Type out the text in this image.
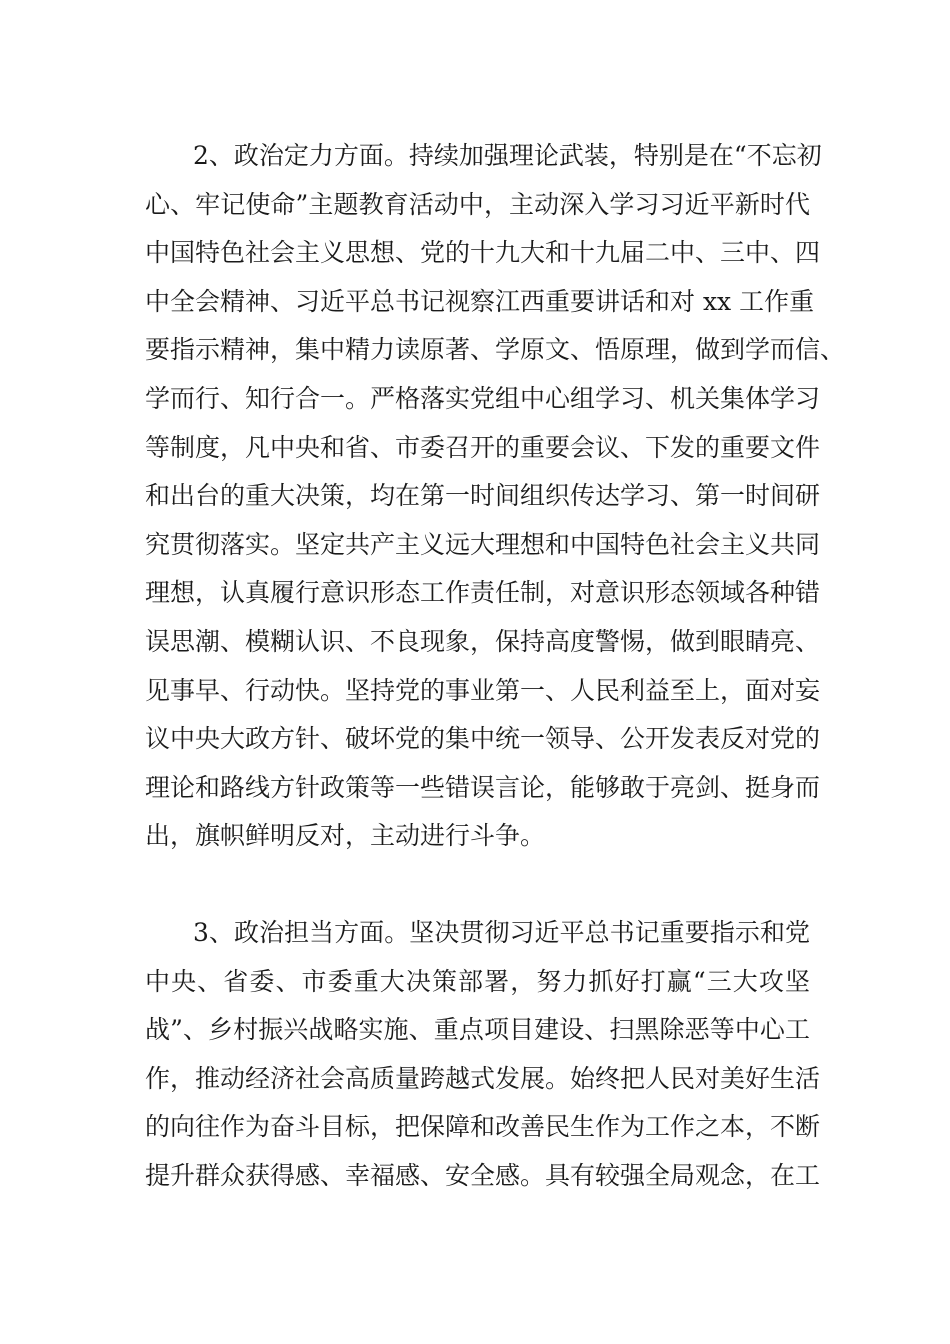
2、政治定力方面。持续加强理论武装，特别是在“不忘初
心、牢记使命”主题教育活动中，主动深入学习习近平新时代
中国特色社会主义思想、党的十九大和十九届二中、三中、四
中全会精神、习近平总书记视察江西重要讲话和对 xx 工作重
要指示精神，集中精力读原著、学原文、悟原理，做到学而信、
学而行、知行合一。严格落实党组中心组学习、机关集体学习
等制度，凡中央和省、市委召开的重要会议、下发的重要文件
和出台的重大决策，均在第一时间组织传达学习、第一时间研
究贯彻落实。坚定共产主义远大理想和中国特色社会主义共同
理想，认真履行意识形态工作责任制，对意识形态领域各种错
误思潮、模糊认识、不良现象，保持高度警惕，做到眼睛亮、
见事早、行动快。坚持党的事业第一、人民利益至上，面对妄
议中央大政方针、破坏党的集中统一领导、公开发表反对党的
理论和路线方针政策等一些错误言论，能够敢于亮剑、挺身而
出，旗帜鲜明反对，主动进行斗争。
3、政治担当方面。坚决贯彻习近平总书记重要指示和党
中央、省委、市委重大决策部署，努力抓好打赢“三大攻坚
战”、乡村振兴战略实施、重点项目建设、扫黑除恶等中心工
作，推动经济社会高质量跨越式发展。始终把人民对美好生活
的向往作为奋斗目标，把保障和改善民生作为工作之本，不断
提升群众获得感、幸福感、安全感。具有较强全局观念，在工
